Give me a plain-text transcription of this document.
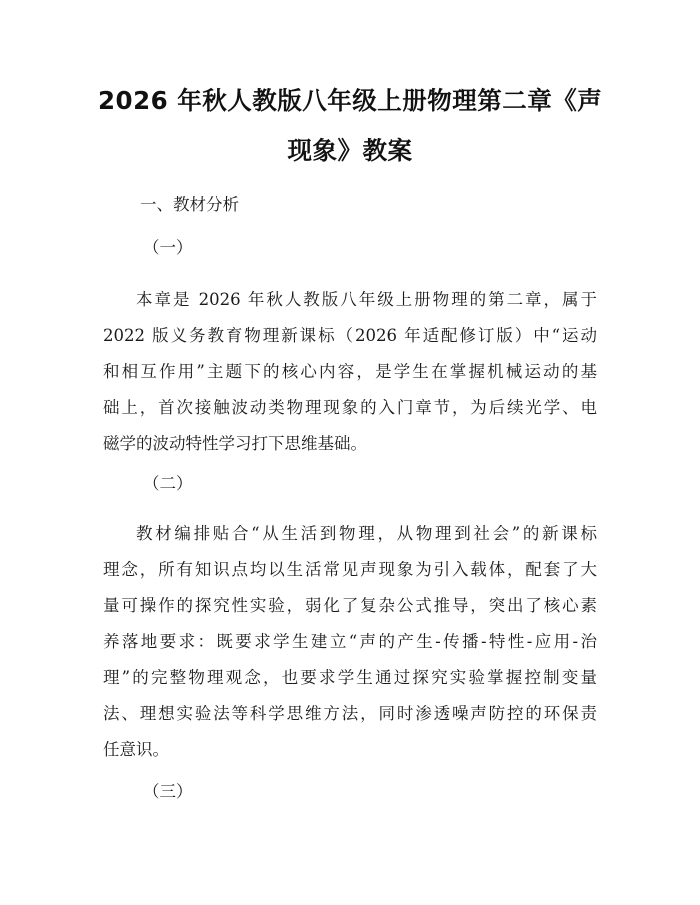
2026 年秋人教版八年级上册物理第二章《声
现象》教案
一、教材分析
（一）
本章是 2026 年秋人教版八年级上册物理的第二章，属于
2022 版义务教育物理新课标（2026 年适配修订版）中“运动
和相互作用”主题下的核心内容，是学生在掌握机械运动的基
础上，首次接触波动类物理现象的入门章节，为后续光学、电
磁学的波动特性学习打下思维基础。
（二）
教材编排贴合“从生活到物理，从物理到社会”的新课标
理念，所有知识点均以生活常见声现象为引入载体，配套了大
量可操作的探究性实验，弱化了复杂公式推导，突出了核心素
养落地要求：既要求学生建立“声的产生-传播-特性-应用-治
理”的完整物理观念，也要求学生通过探究实验掌握控制变量
法、理想实验法等科学思维方法，同时渗透噪声防控的环保责
任意识。
（三）
